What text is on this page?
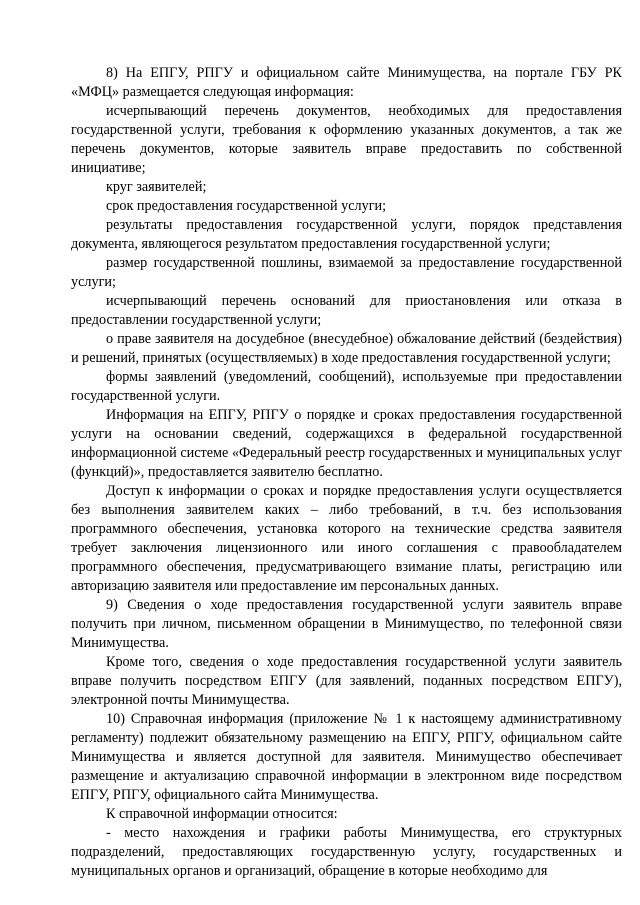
8) На ЕПГУ, РПГУ и официальном сайте Минимущества, на портале ГБУ РК «МФЦ» размещается следующая информация:

исчерпывающий перечень документов, необходимых для предоставления государственной услуги, требования к оформлению указанных документов, а так же перечень документов, которые заявитель вправе предоставить по собственной инициативе;

круг заявителей;

срок предоставления государственной услуги;

результаты предоставления государственной услуги, порядок представления документа, являющегося результатом предоставления государственной услуги;

размер государственной пошлины, взимаемой за предоставление государственной услуги;

исчерпывающий перечень оснований для приостановления или отказа в предоставлении государственной услуги;

о праве заявителя на досудебное (внесудебное) обжалование действий (бездействия) и решений, принятых (осуществляемых) в ходе предоставления государственной услуги;

формы заявлений (уведомлений, сообщений), используемые при предоставлении государственной услуги.

Информация на ЕПГУ, РПГУ о порядке и сроках предоставления государственной услуги на основании сведений, содержащихся в федеральной государственной информационной системе «Федеральный реестр государственных и муниципальных услуг (функций)», предоставляется заявителю бесплатно.

Доступ к информации о сроках и порядке предоставления услуги осуществляется без выполнения заявителем каких – либо требований, в т.ч. без использования программного обеспечения, установка которого на технические средства заявителя требует заключения лицензионного или иного соглашения с правообладателем программного обеспечения, предусматривающего взимание платы, регистрацию или авторизацию заявителя или предоставление им персональных данных.

9) Сведения о ходе предоставления государственной услуги заявитель вправе получить при личном, письменном обращении в Минимущество, по телефонной связи Минимущества.

Кроме того, сведения о ходе предоставления государственной услуги заявитель вправе получить посредством ЕПГУ (для заявлений, поданных посредством ЕПГУ), электронной почты Минимущества.

10) Справочная информация (приложение № 1 к настоящему административному регламенту) подлежит обязательному размещению на ЕПГУ, РПГУ, официальном сайте Минимущества и является доступной для заявителя. Минимущество обеспечивает размещение и актуализацию справочной информации в электронном виде посредством ЕПГУ, РПГУ, официального сайта Минимущества.

К справочной информации относится:

- место нахождения и графики работы Минимущества, его структурных подразделений, предоставляющих государственную услугу, государственных и муниципальных органов и организаций, обращение в которые необходимо для
